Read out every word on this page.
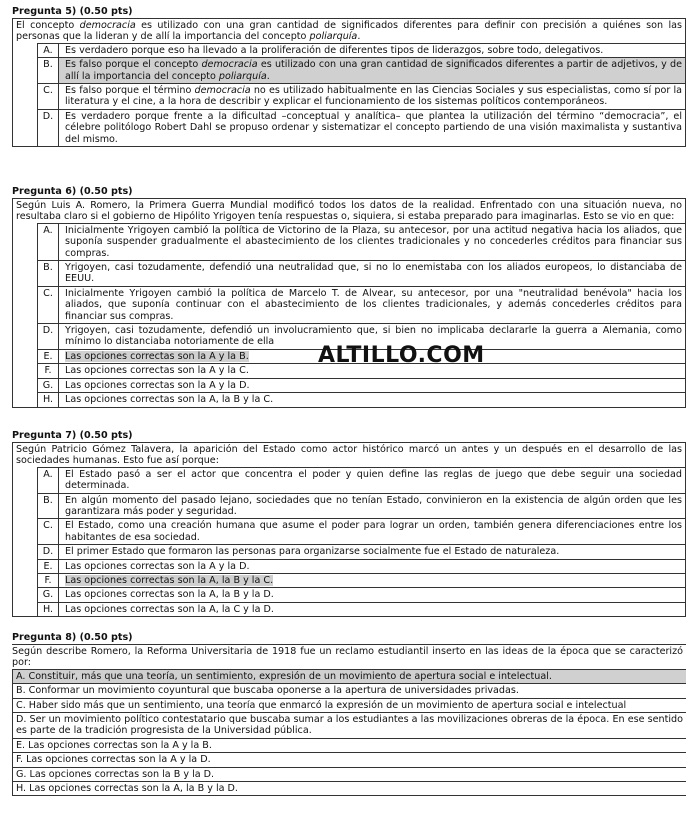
Pregunta 5) (0.50 pts)
El concepto democracia es utilizado con una gran cantidad de significados diferentes para definir con precisión a quiénes son las personas que la lideran y de allí la importancia del concepto poliarquía.
A.	Es verdadero porque eso ha llevado a la proliferación de diferentes tipos de liderazgos, sobre todo, delegativos.
B.	Es falso porque el concepto democracia es utilizado con una gran cantidad de significados diferentes a partir de adjetivos, y de allí la importancia del concepto poliarquía.
C.	Es falso porque el término democracia no es utilizado habitualmente en las Ciencias Sociales y sus especialistas, como sí por la literatura y el cine, a la hora de describir y explicar el funcionamiento de los sistemas políticos contemporáneos.
D.	Es verdadero porque frente a la dificultad –conceptual y analítica– que plantea la utilización del término “democracia”, el célebre politólogo Robert Dahl se propuso ordenar y sistematizar el concepto partiendo de una visión maximalista y sustantiva del mismo.
Pregunta 6) (0.50 pts)
Según Luis A. Romero, la Primera Guerra Mundial modificó todos los datos de la realidad. Enfrentado con una situación nueva, no resultaba claro si el gobierno de Hipólito Yrigoyen tenía respuestas o, siquiera, si estaba preparado para imaginarlas. Esto se vio en que:
A.	Inicialmente Yrigoyen cambió la política de Victorino de la Plaza, su antecesor, por una actitud negativa hacia los aliados, que suponía suspender gradualmente el abastecimiento de los clientes tradicionales y no concederles créditos para financiar sus compras.
B.	Yrigoyen, casi tozudamente, defendió una neutralidad que, si no lo enemistaba con los aliados europeos, lo distanciaba de EEUU.
C.	Inicialmente Yrigoyen cambió la política de Marcelo T. de Alvear, su antecesor, por una "neutralidad benévola" hacia los aliados, que suponía continuar con el abastecimiento de los clientes tradicionales, y además concederles créditos para financiar sus compras.
D.	Yrigoyen, casi tozudamente, defendió un involucramiento que, si bien no implicaba declararle la guerra a Alemania, como mínimo lo distanciaba notoriamente de ella
E.	Las opciones correctas son la A y la B.
F.	Las opciones correctas son la A y la C.
G.	Las opciones correctas son la A y la D.
H.	Las opciones correctas son la A, la B y la C.
ALTILLO.COM
Pregunta 7) (0.50 pts)
Según Patricio Gómez Talavera, la aparición del Estado como actor histórico marcó un antes y un después en el desarrollo de las sociedades humanas. Esto fue así porque:
A.	El Estado pasó a ser el actor que concentra el poder y quien define las reglas de juego que debe seguir una sociedad determinada.
B.	En algún momento del pasado lejano, sociedades que no tenían Estado, convinieron en la existencia de algún orden que les garantizara más poder y seguridad.
C.	El Estado, como una creación humana que asume el poder para lograr un orden, también genera diferenciaciones entre los habitantes de esa sociedad.
D.	El primer Estado que formaron las personas para organizarse socialmente fue el Estado de naturaleza.
E.	Las opciones correctas son la A y la D.
F.	Las opciones correctas son la A, la B y la C.
G.	Las opciones correctas son la A, la B y la D.
H.	Las opciones correctas son la A, la C y la D.
Pregunta 8) (0.50 pts)
Según describe Romero, la Reforma Universitaria de 1918 fue un reclamo estudiantil inserto en las ideas de la época que se caracterizó por:
A. Constituir, más que una teoría, un sentimiento, expresión de un movimiento de apertura social e intelectual.
B. Conformar un movimiento coyuntural que buscaba oponerse a la apertura de universidades privadas.
C. Haber sido más que un sentimiento, una teoría que enmarcó la expresión de un movimiento de apertura social e intelectual
D. Ser un movimiento político contestatario que buscaba sumar a los estudiantes a las movilizaciones obreras de la época. En ese sentido es parte de la tradición progresista de la Universidad pública.
E. Las opciones correctas son la A y la B.
F. Las opciones correctas son la A y la D.
G. Las opciones correctas son la B y la D.
H. Las opciones correctas son la A, la B y la D.
